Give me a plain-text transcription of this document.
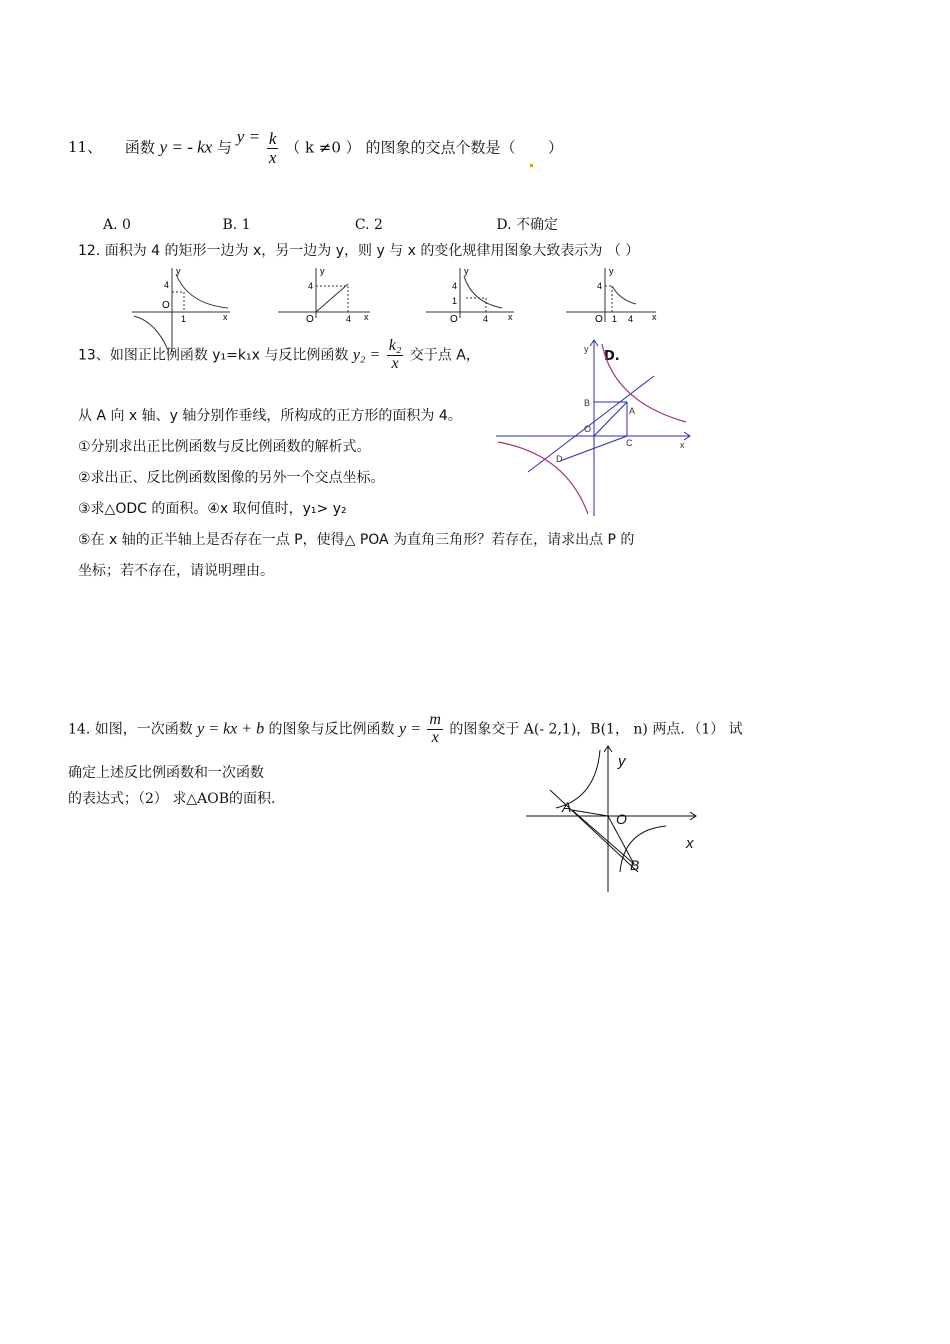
11、 函数 y = - kx 与 $y = \frac{k}{x}$ （ k ≠0 ） 的图象的交点个数是（ ）
A. 0	B. 1	C. 2	D. 不确定
12. 面积为 4 的矩形一边为 x，另一边为 y，则 y 与 x 的变化规律用图象大致表示为 （ ）
4
O
1
y
x
4
O	4
y
x
4
1
O	4
y
x
4
O 1 4
y
x
13、如图正比例函数 y₁=k₁x 与反比例函数 $y_2 = \frac{\text{k₂}}{x}$ 交于点 A，
从 A 向 x 轴、y 轴分别作垂线，所构成的正方形的面积为 4。
①分别求出正比例函数与反比例函数的解析式。
②求出正、反比例函数图像的另外一个交点坐标。
③求△ODC 的面积。④x 取何值时，y₁> y₂
⑤在 x 轴的正半轴上是否存在一点 P，使得△ POA 为直角三角形？若存在，请求出点 P 的
坐标；若不存在，请说明理由。
D.
y
x
B
A
O
C
D
14. 如图，一次函数 y = kx + b 的图象与反比例函数 $y = \frac{m}{x}$ 的图象交于 A(- 2,1)，B(1， n) 两点．（1） 试
确定上述反比例函数和一次函数
的表达式；（2） 求△AOB的面积.
y
x
A
O
B
